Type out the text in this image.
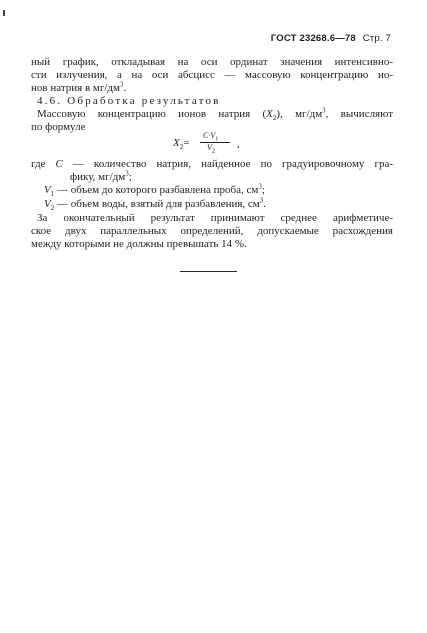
ГОСТ 23268.6—78 Стр. 7
ный график, откладывая на оси ординат значения интенсивно-
сти излучения, а на оси абсцисс — массовую концентрацию ио-
нов натрия в $мг/дм^3$.
4.6. Обработка результатов
Массовую концентрацию ионов натрия $(X_2)$, $мг/дм^3$, вычисляют
по формуле
$X_2=$
$C\cdot V_1$
$V_2$
,
где C — количество натрия, найденное по градуировочному гра-
фику, $мг/дм^3$;
$V_1$ — объем до которого разбавлена проба, $см^3$;
$V_2$ — объем воды, взятый для разбавления, $см^3$.
За окончательный результат принимают среднее арифметиче-
ское двух параллельных определений, допускаемые расхождения
между которыми не должны превышать 14 %.
